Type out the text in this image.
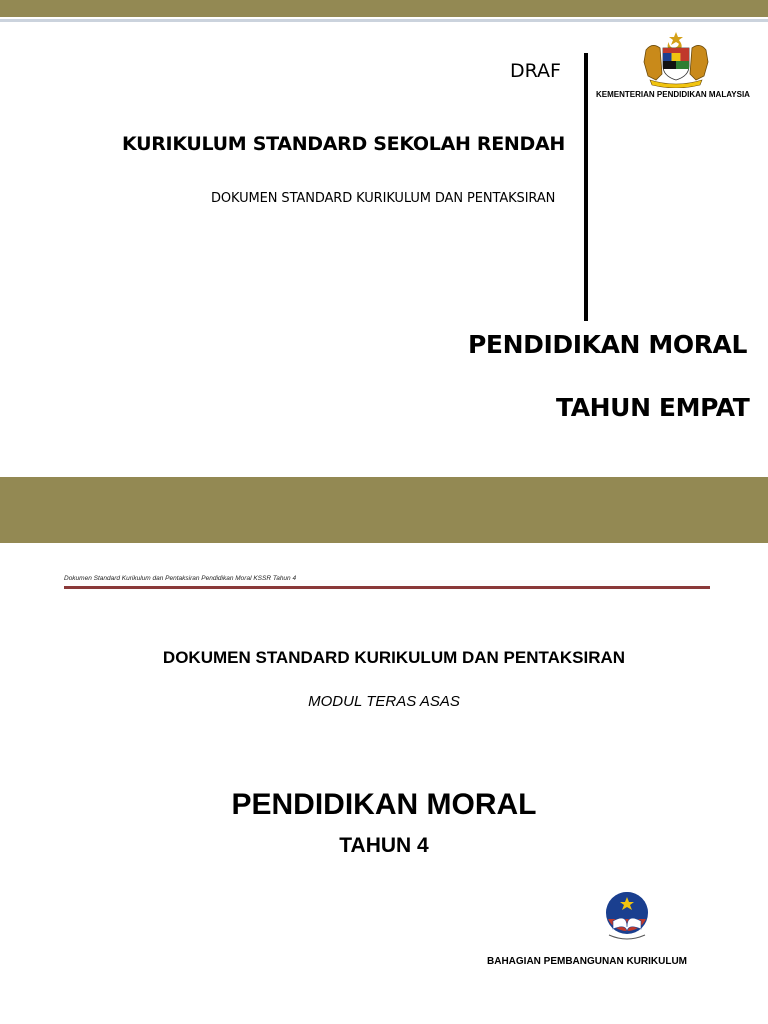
DRAF
KURIKULUM STANDARD SEKOLAH RENDAH
DOKUMEN STANDARD KURIKULUM DAN PENTAKSIRAN
KEMENTERIAN PENDIDIKAN MALAYSIA
PENDIDIKAN MORAL
TAHUN EMPAT
Dokumen Standard Kurikulum dan Pentaksiran Pendidikan Moral KSSR Tahun 4
DOKUMEN STANDARD KURIKULUM DAN PENTAKSIRAN
MODUL TERAS ASAS
PENDIDIKAN MORAL
TAHUN 4
BAHAGIAN PEMBANGUNAN KURIKULUM
